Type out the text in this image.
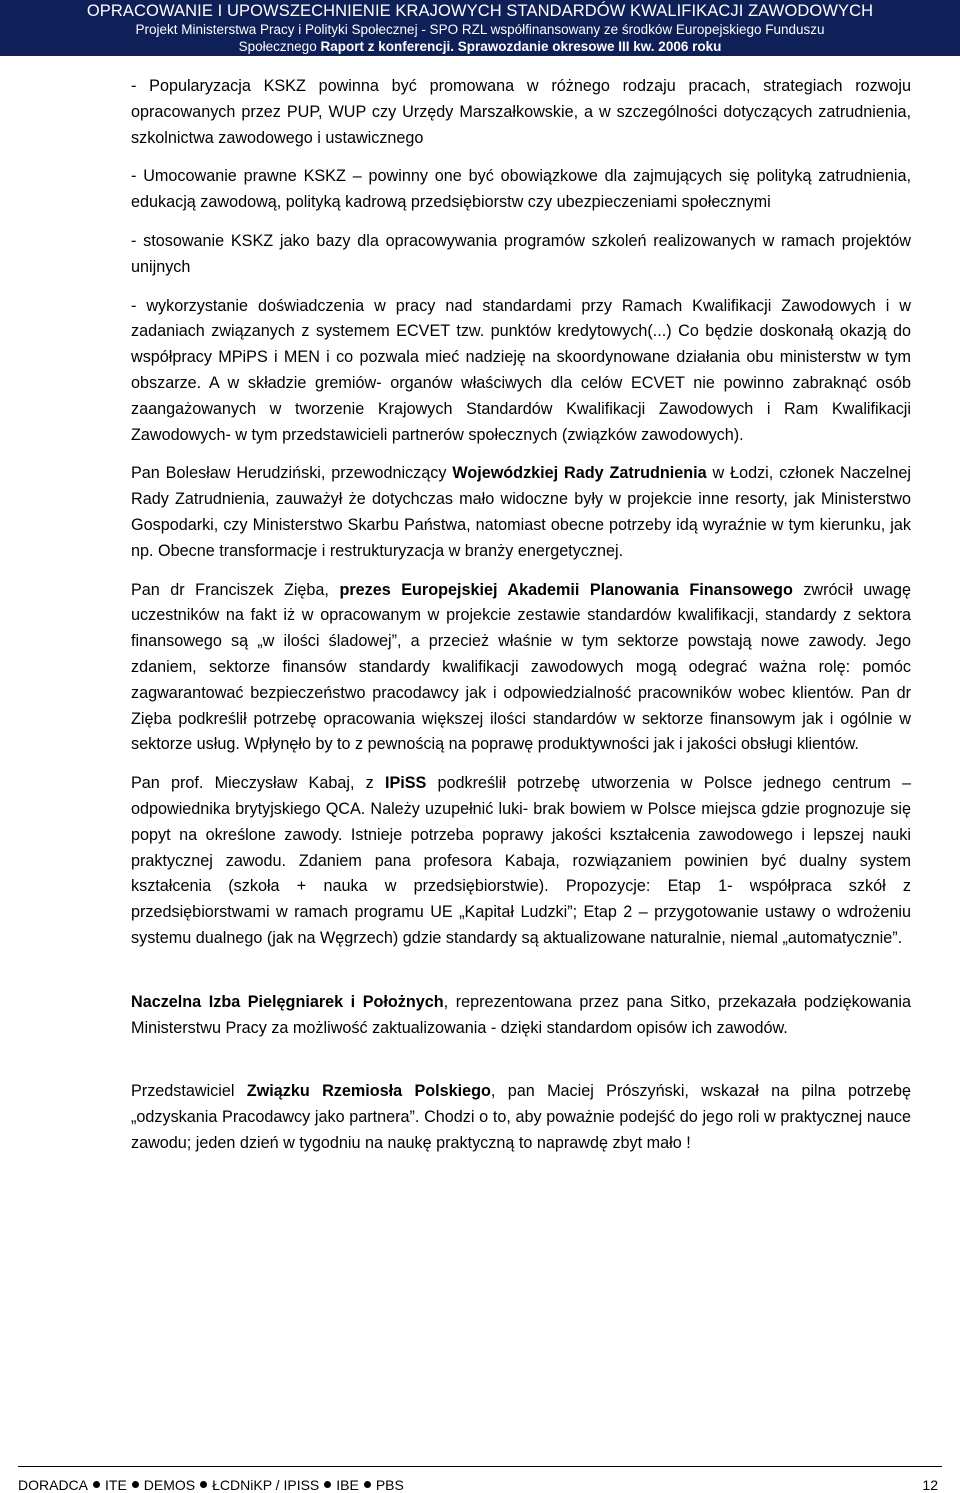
OPRACOWANIE I UPOWSZECHNIENIE KRAJOWYCH STANDARDÓW KWALIFIKACJI ZAWODOWYCH
Projekt Ministerstwa Pracy i Polityki Społecznej - SPO RZL współfinansowany ze środków Europejskiego Funduszu
Społecznego Raport z konferencji. Sprawozdanie okresowe III kw. 2006 roku

- Popularyzacja KSKZ powinna być promowana w różnego rodzaju pracach, strategiach rozwoju opracowanych przez PUP, WUP czy Urzędy Marszałkowskie, a w szczególności dotyczących zatrudnienia, szkolnictwa zawodowego i ustawicznego

- Umocowanie prawne KSKZ – powinny one być obowiązkowe dla zajmujących się polityką zatrudnienia, edukacją zawodową, polityką kadrową przedsiębiorstw czy ubezpieczeniami społecznymi

- stosowanie KSKZ jako bazy dla opracowywania programów szkoleń realizowanych w ramach projektów unijnych

- wykorzystanie doświadczenia w pracy nad standardami przy Ramach Kwalifikacji Zawodowych i w zadaniach związanych z systemem ECVET tzw. punktów kredytowych(...) Co będzie doskonałą okazją do współpracy MPiPS i MEN i co pozwala mieć nadzieję na skoordynowane działania obu ministerstw w tym obszarze. A w składzie gremiów- organów właściwych dla celów ECVET nie powinno zabraknąć osób zaangażowanych w tworzenie Krajowych Standardów Kwalifikacji Zawodowych i Ram Kwalifikacji Zawodowych- w tym przedstawicieli partnerów społecznych (związków zawodowych).

Pan Bolesław Herudziński, przewodniczący Wojewódzkiej Rady Zatrudnienia w Łodzi, członek Naczelnej Rady Zatrudnienia, zauważył że dotychczas mało widoczne były w projekcie inne resorty, jak Ministerstwo Gospodarki, czy Ministerstwo Skarbu Państwa, natomiast obecne potrzeby idą wyraźnie w tym kierunku, jak np. Obecne transformacje i restrukturyzacja w branży energetycznej.

Pan dr Franciszek Zięba, prezes Europejskiej Akademii Planowania Finansowego zwrócił uwagę uczestników na fakt iż w opracowanym w projekcie zestawie standardów kwalifikacji, standardy z sektora finansowego są „w ilości śladowej”, a przecież właśnie w tym sektorze powstają nowe zawody. Jego zdaniem, sektorze finansów standardy kwalifikacji zawodowych mogą odegrać ważna rolę: pomóc zagwarantować bezpieczeństwo pracodawcy jak i odpowiedzialność pracowników wobec klientów. Pan dr Zięba podkreślił potrzebę opracowania większej ilości standardów w sektorze finansowym jak i ogólnie w sektorze usług. Wpłynęło by to z pewnością na poprawę produktywności jak i jakości obsługi klientów.

Pan prof. Mieczysław Kabaj, z IPiSS podkreślił potrzebę utworzenia w Polsce jednego centrum – odpowiednika brytyjskiego QCA. Należy uzupełnić luki- brak bowiem w Polsce miejsca gdzie prognozuje się popyt na określone zawody. Istnieje potrzeba poprawy jakości kształcenia zawodowego i lepszej nauki praktycznej zawodu. Zdaniem pana profesora Kabaja, rozwiązaniem powinien być dualny system kształcenia (szkoła + nauka w przedsiębiorstwie). Propozycje: Etap 1- współpraca szkół z przedsiębiorstwami w ramach programu UE „Kapitał Ludzki”; Etap 2 – przygotowanie ustawy o wdrożeniu systemu dualnego (jak na Węgrzech) gdzie standardy są aktualizowane naturalnie, niemal „automatycznie”.

Naczelna Izba Pielęgniarek i Położnych, reprezentowana przez pana Sitko, przekazała podziękowania Ministerstwu Pracy za możliwość zaktualizowania - dzięki standardom opisów ich zawodów.

Przedstawiciel Związku Rzemiosła Polskiego, pan Maciej Prószyński, wskazał na pilna potrzebę „odzyskania Pracodawcy jako partnera”. Chodzi o to, aby poważnie podejść do jego roli w praktycznej nauce zawodu; jeden dzień w tygodniu na naukę praktyczną to naprawdę zbyt mało !

DORADCA ITE DEMOS ŁCDNiKP / IPISS IBE PBS	12
